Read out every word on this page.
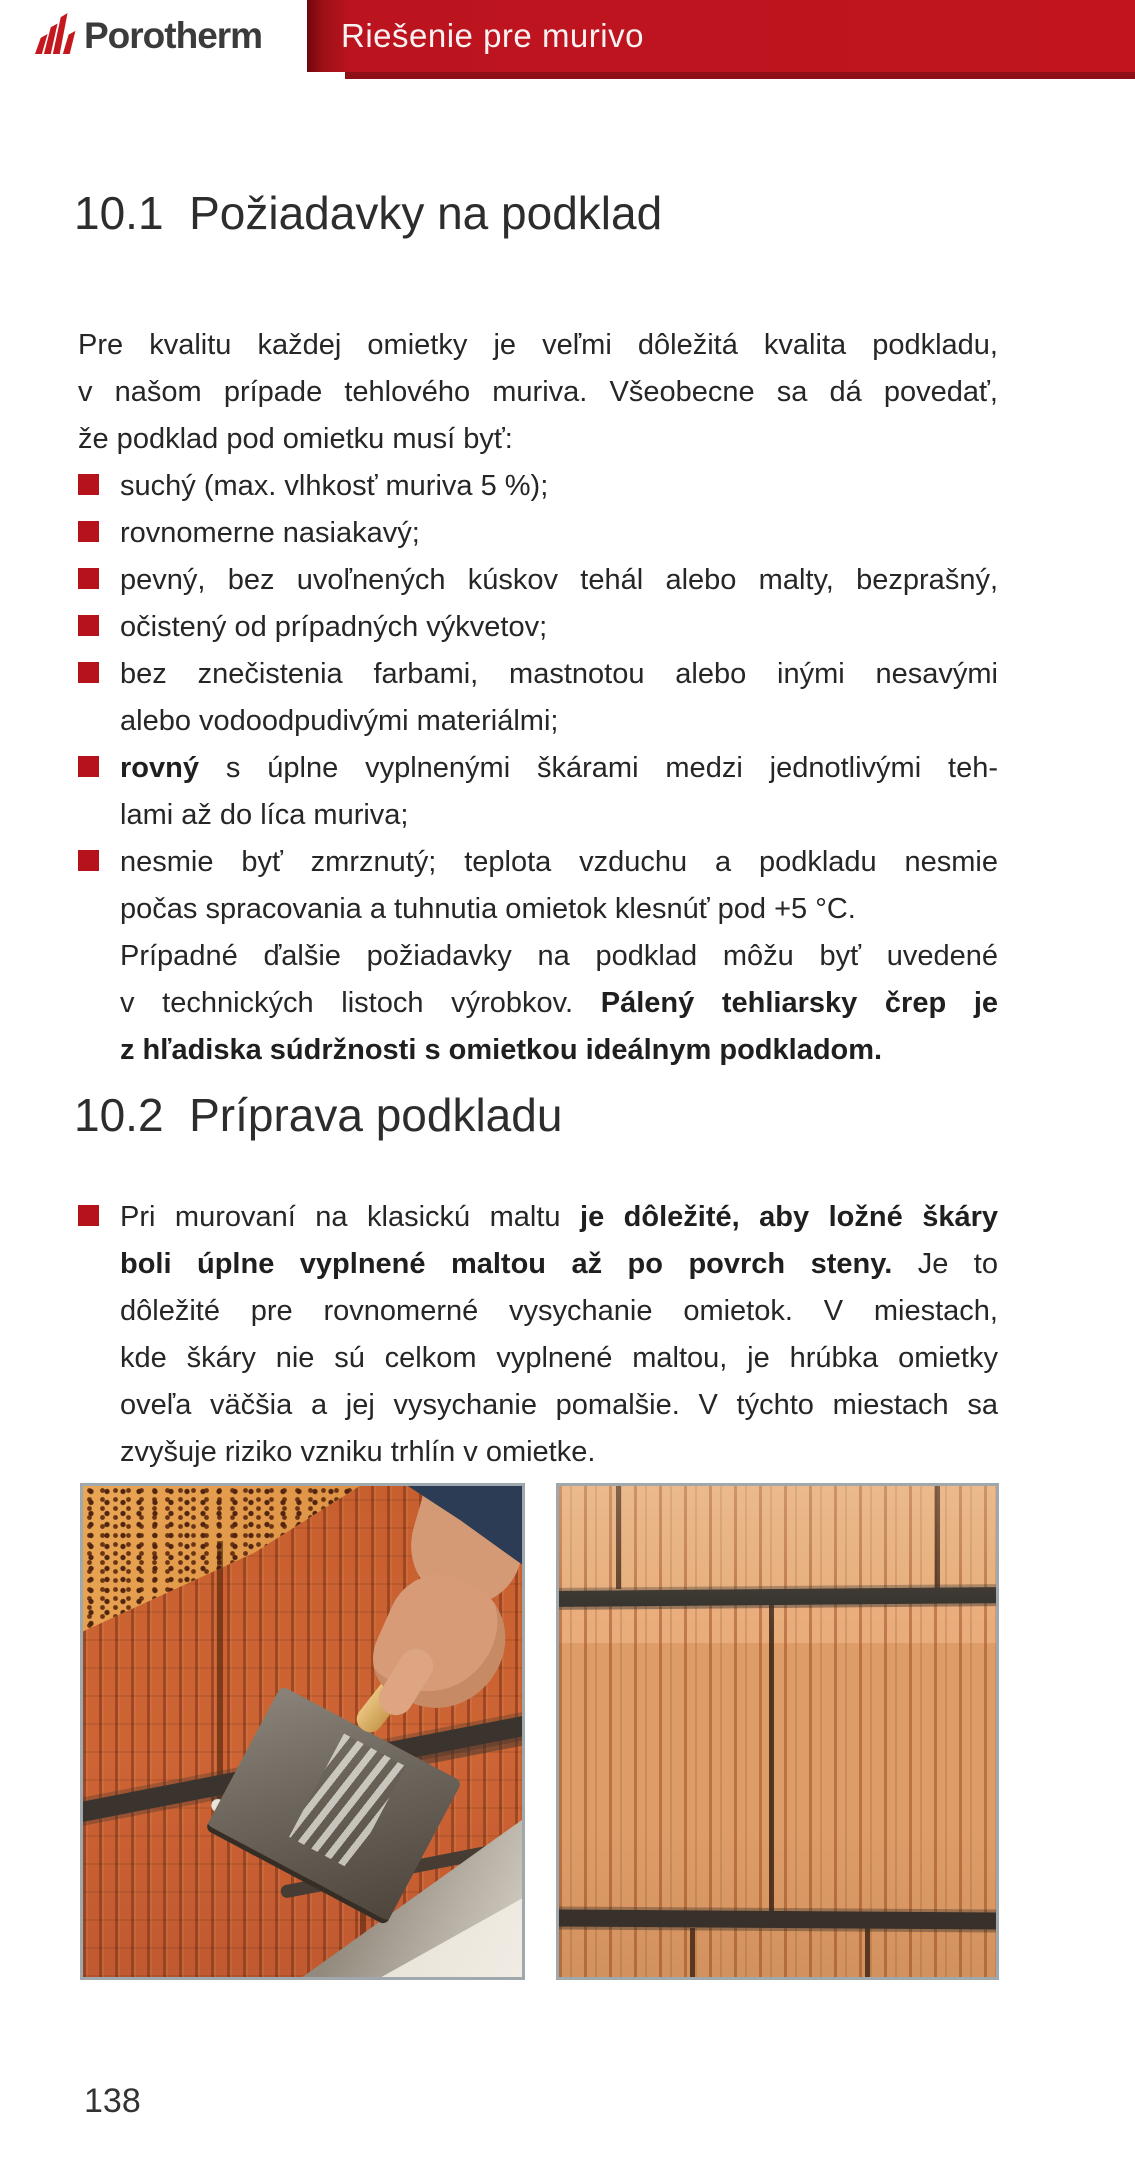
Porotherm Riešenie pre murivo
10.1  Požiadavky na podklad
Pre kvalitu každej omietky je veľmi dôležitá kvalita podkladu,
v našom prípade tehlového muriva. Všeobecne sa dá povedať,
že podklad pod omietku musí byť:
suchý (max. vlhkosť muriva 5 %);
rovnomerne nasiakavý;
pevný, bez uvoľnených kúskov tehál alebo malty, bezprašný,
očistený od prípadných výkvetov;
bez znečistenia farbami, mastnotou alebo inými nesavými
alebo vodoodpudivými materiálmi;
rovný s úplne vyplnenými škárami medzi jednotlivými teh-
lami až do líca muriva;
nesmie byť zmrznutý; teplota vzduchu a podkladu nesmie
počas spracovania a tuhnutia omietok klesnúť pod +5 °C.
Prípadné ďalšie požiadavky na podklad môžu byť uvedené
v technických listoch výrobkov. Pálený tehliarsky črep je
z hľadiska súdržnosti s omietkou ideálnym podkladom.
10.2  Príprava podkladu
Pri murovaní na klasickú maltu je dôležité, aby ložné škáry
boli úplne vyplnené maltou až po povrch steny. Je to
dôležité pre rovnomerné vysychanie omietok. V miestach,
kde škáry nie sú celkom vyplnené maltou, je hrúbka omietky
oveľa väčšia a jej vysychanie pomalšie. V týchto miestach sa
zvyšuje riziko vzniku trhlín v omietke.
138
